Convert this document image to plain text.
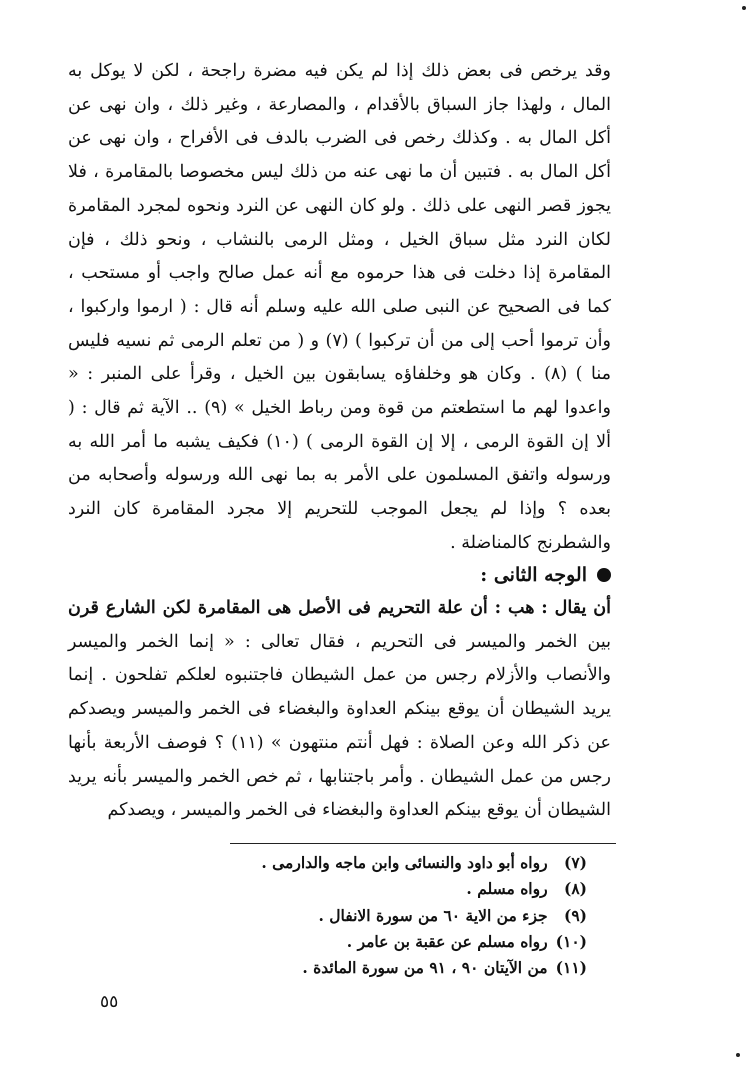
وقد يرخص فى بعض ذلك إذا لم يكن فيه مضرة راجحة ، لكن لا يوكل به المال ، ولهذا جاز السباق بالأقدام ، والمصارعة ، وغير ذلك ، وان نهى عن أكل المال به . وكذلك رخص فى الضرب بالدف فى الأفراح ، وان نهى عن أكل المال به . فتبين أن ما نهى عنه من ذلك ليس مخصوصا بالمقامرة ، فلا يجوز قصر النهى على ذلك . ولو كان النهى عن النرد ونحوه لمجرد المقامرة لكان النرد مثل سباق الخيل ، ومثل الرمى بالنشاب ، ونحو ذلك ، فإن المقامرة إذا دخلت فى هذا حرموه مع أنه عمل صالح واجب أو مستحب ، كما فى الصحيح عن النبى صلى الله عليه وسلم أنه قال : ( ارموا واركبوا ، وأن ترموا أحب إلى من أن تركبوا ) (٧) و ( من تعلم الرمى ثم نسيه فليس منا ) (٨) . وكان هو وخلفاؤه يسابقون بين الخيل ، وقرأ على المنبر : « واعدوا لهم ما استطعتم من قوة ومن رباط الخيل » (٩) .. الآية ثم قال : ( ألا إن القوة الرمى ، إلا إن القوة الرمى ) (١٠) فكيف يشبه ما أمر الله به ورسوله واتفق المسلمون على الأمر به بما نهى الله ورسوله وأصحابه من بعده ؟ وإذا لم يجعل الموجب للتحريم إلا مجرد المقامرة كان النرد والشطرنج كالمناضلة .

الوجه الثانى :

أن يقال : هب : أن علة التحريم فى الأصل هى المقامرة لكن الشارع قرن بين الخمر والميسر فى التحريم ، فقال تعالى : « إنما الخمر والميسر والأنصاب والأزلام رجس من عمل الشيطان فاجتنبوه لعلكم تفلحون . إنما يريد الشيطان أن يوقع بينكم العداوة والبغضاء فى الخمر والميسر ويصدكم عن ذكر الله وعن الصلاة : فهل أنتم منتهون » (١١) ؟ فوصف الأربعة بأنها رجس من عمل الشيطان . وأمر باجتنابها ، ثم خص الخمر والميسر بأنه يريد الشيطان أن يوقع بينكم العداوة والبغضاء فى الخمر والميسر ، ويصدكم

(٧) رواه أبو داود والنسائى وابن ماجه والدارمى .
(٨) رواه مسلم .
(٩) جزء من الاية ٦٠ من سورة الانفال .
(١٠) رواه مسلم عن عقبة بن عامر .
(١١) من الآيتان ٩٠ ، ٩١ من سورة المائدة .
٥٥
